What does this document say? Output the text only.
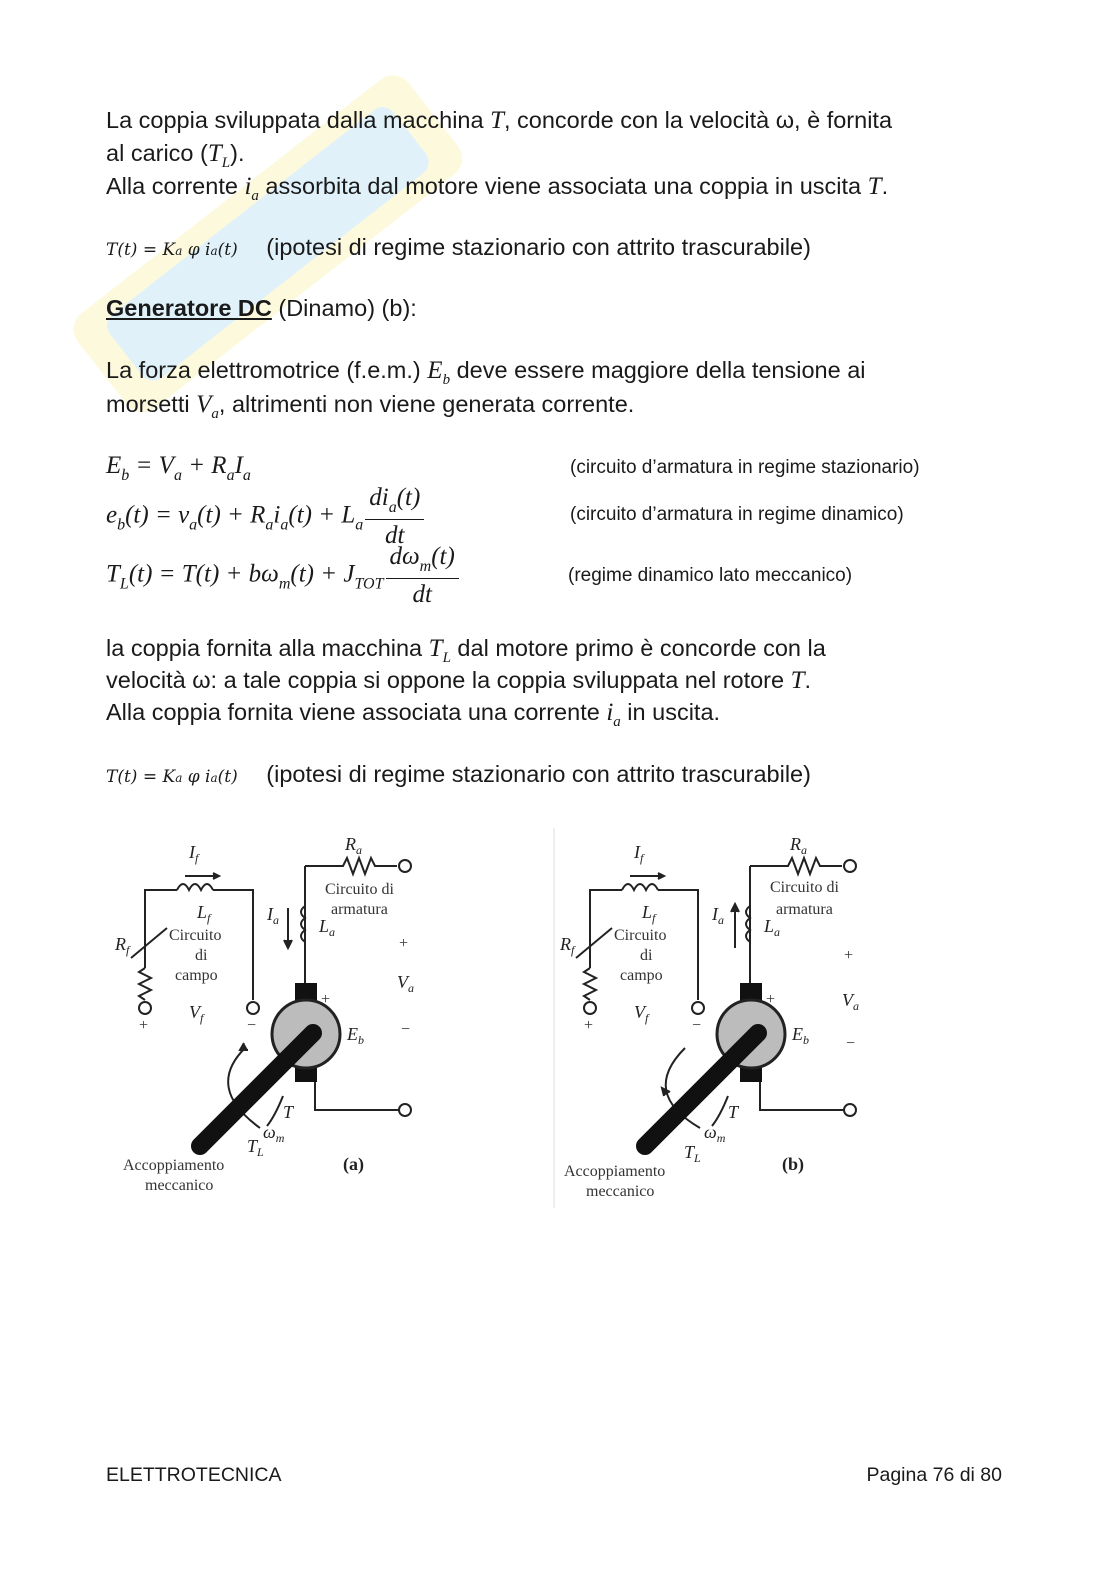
La coppia sviluppata dalla macchina T, concorde con la velocità ω, è fornita
al carico $(T_L)$.
Alla corrente $i_a$ assorbita dal motore viene associata una coppia in uscita T.
T(t) = Ka φ ia(t) (ipotesi di regime stazionario con attrito trascurabile)
Generatore DC (Dinamo) (b):
La forza elettromotrice (f.e.m.) $E_b$ deve essere maggiore della tensione ai
morsetti $V_a$, altrimenti non viene generata corrente.
$E_b = V_a + R_aI_a$	(circuito d’armatura in regime stazionario)
$e_b(t) = v_a(t) + R_ai_a(t) + L_a \frac{di_a(t)}{dt}$	(circuito d’armatura in regime dinamico)
$T_L(t) = T(t) + b\omega_m(t) + J_{TOT} \frac{d\omega_m(t)}{dt}$	(regime dinamico lato meccanico)
la coppia fornita alla macchina $T_L$ dal motore primo è concorde con la
velocità ω: a tale coppia si oppone la coppia sviluppata nel rotore T.
Alla coppia fornita viene associata una corrente $i_a$ in uscita.
T(t) = Ka φ ia(t) (ipotesi di regime stazionario con attrito trascurabile)
$R_a$
$I_f$
$L_f$
$R_f$
$I_a$ $L_a$
$V_a$
$V_f$
$E_b$
T
$\omega_m$
$T_L$
Circuito di
armatura
Circuito
di
campo
Accoppiamento
meccanico
+	−
+
−
+
(a)
$R_a$
$I_f$
$L_f$
$R_f$
$I_a$ $L_a$
$V_a$
$V_f$
$E_b$
T
$\omega_m$
$T_L$
Circuito di
armatura
Circuito
di
campo
Accoppiamento
meccanico
+	−
+
−
+
(b)
ELETTROTECNICA	Pagina 76 di 80
